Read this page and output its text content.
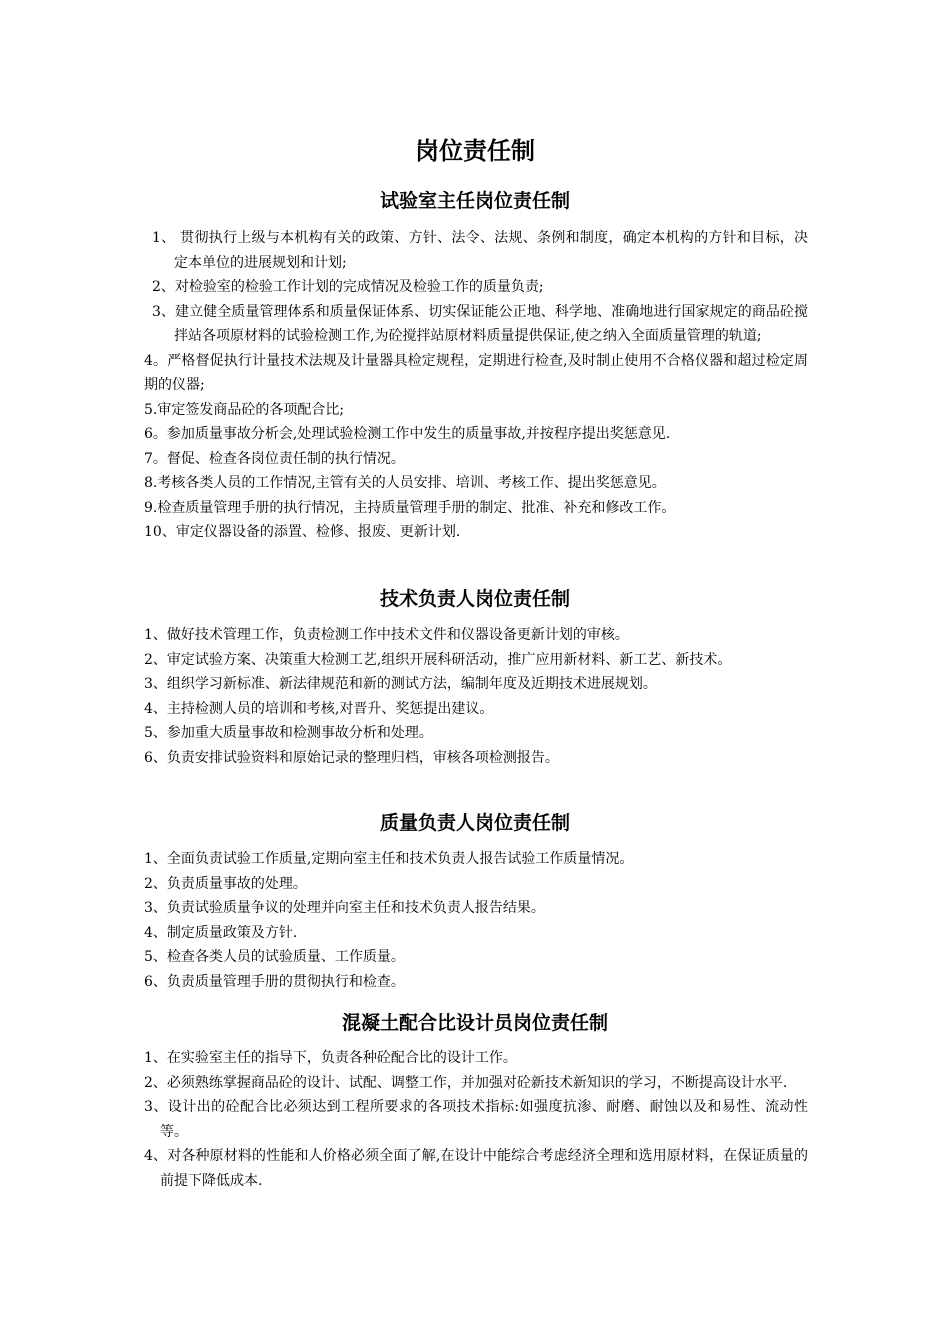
岗位责任制
试验室主任岗位责任制
1、 贯彻执行上级与本机构有关的政策、方针、法令、法规、条例和制度，确定本机构的方针和目标，决定本单位的进展规划和计划;
2、对检验室的检验工作计划的完成情况及检验工作的质量负责;
3、建立健全质量管理体系和质量保证体系、切实保证能公正地、科学地、准确地进行国家规定的商品砼搅拌站各项原材料的试验检测工作,为砼搅拌站原材料质量提供保证,使之纳入全面质量管理的轨道;
4。严格督促执行计量技术法规及计量器具检定规程，定期进行检查,及时制止使用不合格仪器和超过检定周期的仪器;
5.审定签发商品砼的各项配合比;
6。参加质量事故分析会,处理试验检测工作中发生的质量事故,并按程序提出奖惩意见.
7。督促、检查各岗位责任制的执行情况。
8.考核各类人员的工作情况,主管有关的人员安排、培训、考核工作、提出奖惩意见。
9.检查质量管理手册的执行情况，主持质量管理手册的制定、批准、补充和修改工作。
10、审定仪器设备的添置、检修、报废、更新计划.
技术负责人岗位责任制
1、做好技术管理工作，负责检测工作中技术文件和仪器设备更新计划的审核。
2、审定试验方案、决策重大检测工艺,组织开展科研活动，推广应用新材料、新工艺、新技术。
3、组织学习新标准、新法律规范和新的测试方法，编制年度及近期技术进展规划。
4、主持检测人员的培训和考核,对晋升、奖惩提出建议。
5、参加重大质量事故和检测事故分析和处理。
6、负责安排试验资料和原始记录的整理归档，审核各项检测报告。
质量负责人岗位责任制
1、全面负责试验工作质量,定期向室主任和技术负责人报告试验工作质量情况。
2、负责质量事故的处理。
3、负责试验质量争议的处理并向室主任和技术负责人报告结果。
4、制定质量政策及方针.
5、检查各类人员的试验质量、工作质量。
6、负责质量管理手册的贯彻执行和检查。
混凝土配合比设计员岗位责任制
1、在实验室主任的指导下，负责各种砼配合比的设计工作。
2、必须熟练掌握商品砼的设计、试配、调整工作，并加强对砼新技术新知识的学习，不断提高设计水平.
3、设计出的砼配合比必须达到工程所要求的各项技术指标:如强度抗渗、耐磨、耐蚀以及和易性、流动性等。
4、对各种原材料的性能和人价格必须全面了解,在设计中能综合考虑经济全理和选用原材料，在保证质量的前提下降低成本.
